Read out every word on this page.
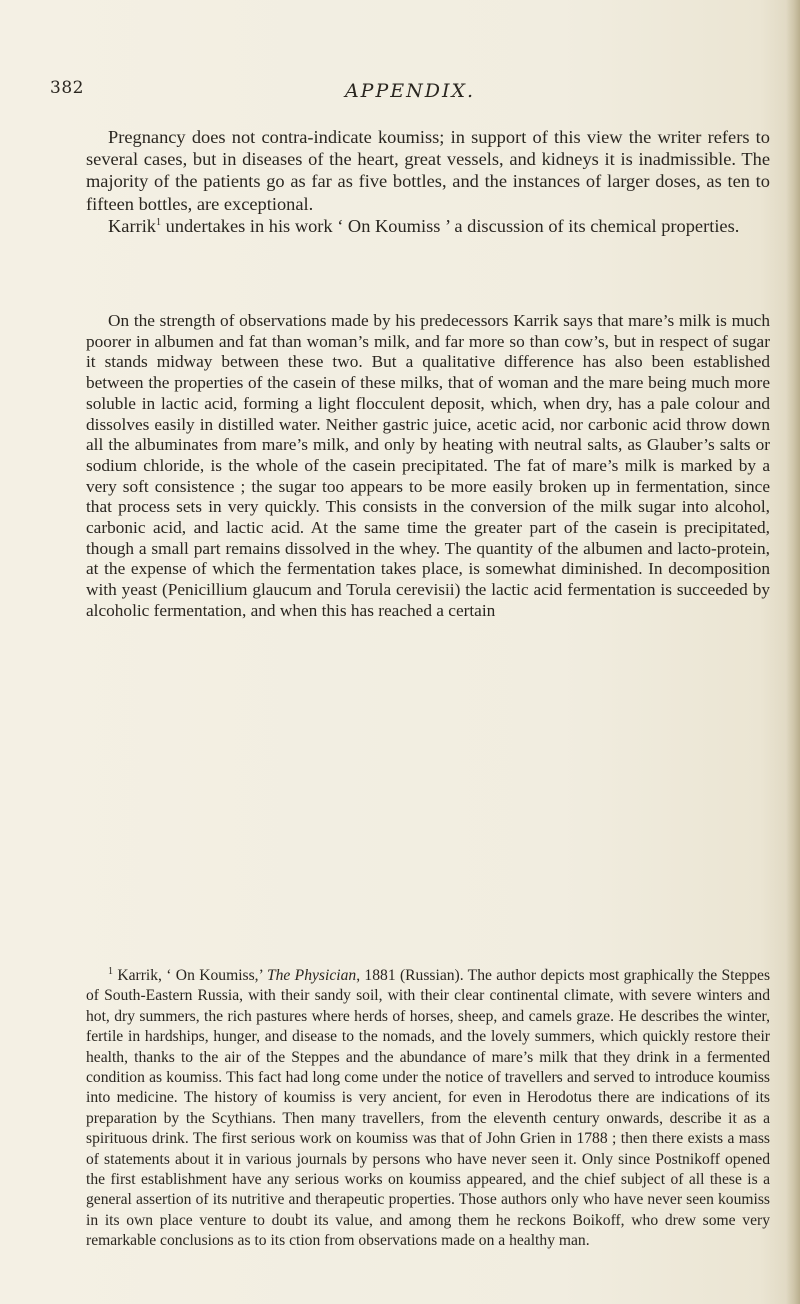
382	APPENDIX.

Pregnancy does not contra-indicate koumiss; in support of this view the writer refers to several cases, but in diseases of the heart, great vessels, and kidneys it is inadmissible. The majority of the patients go as far as five bottles, and the instances of larger doses, as ten to fifteen bottles, are exceptional.

Karrik$^1$ undertakes in his work ‘ On Koumiss ’ a discussion of its chemical properties.

On the strength of observations made by his predecessors Karrik says that mare’s milk is much poorer in albumen and fat than woman’s milk, and far more so than cow’s, but in respect of sugar it stands midway between these two. But a qualitative difference has also been established between the properties of the casein of these milks, that of woman and the mare being much more soluble in lactic acid, forming a light flocculent deposit, which, when dry, has a pale colour and dissolves easily in distilled water. Neither gastric juice, acetic acid, nor carbonic acid throw down all the albuminates from mare’s milk, and only by heating with neutral salts, as Glauber’s salts or sodium chloride, is the whole of the casein precipitated. The fat of mare’s milk is marked by a very soft consistence ; the sugar too appears to be more easily broken up in fermentation, since that process sets in very quickly. This consists in the conversion of the milk sugar into alcohol, carbonic acid, and lactic acid. At the same time the greater part of the casein is precipitated, though a small part remains dissolved in the whey. The quantity of the albumen and lacto-protein, at the expense of which the fermentation takes place, is somewhat diminished. In decomposition with yeast (Penicillium glaucum and Torula cerevisii) the lactic acid fermentation is succeeded by alcoholic fermentation, and when this has reached a certain

$^1$ Karrik, ‘ On Koumiss,’ The Physician, 1881 (Russian). The author depicts most graphically the Steppes of South-Eastern Russia, with their sandy soil, with their clear continental climate, with severe winters and hot, dry summers, the rich pastures where herds of horses, sheep, and camels graze. He describes the winter, fertile in hardships, hunger, and disease to the nomads, and the lovely summers, which quickly restore their health, thanks to the air of the Steppes and the abundance of mare’s milk that they drink in a fermented condition as koumiss. This fact had long come under the notice of travellers and served to introduce koumiss into medicine. The history of koumiss is very ancient, for even in Herodotus there are indications of its preparation by the Scythians. Then many travellers, from the eleventh century onwards, describe it as a spirituous drink. The first serious work on koumiss was that of John Grien in 1788 ; then there exists a mass of statements about it in various journals by persons who have never seen it. Only since Postnikoff opened the first establishment have any serious works on koumiss appeared, and the chief subject of all these is a general assertion of its nutritive and therapeutic properties. Those authors only who have never seen koumiss in its own place venture to doubt its value, and among them he reckons Boikoff, who drew some very remarkable conclusions as to its ction from observations made on a healthy man.
